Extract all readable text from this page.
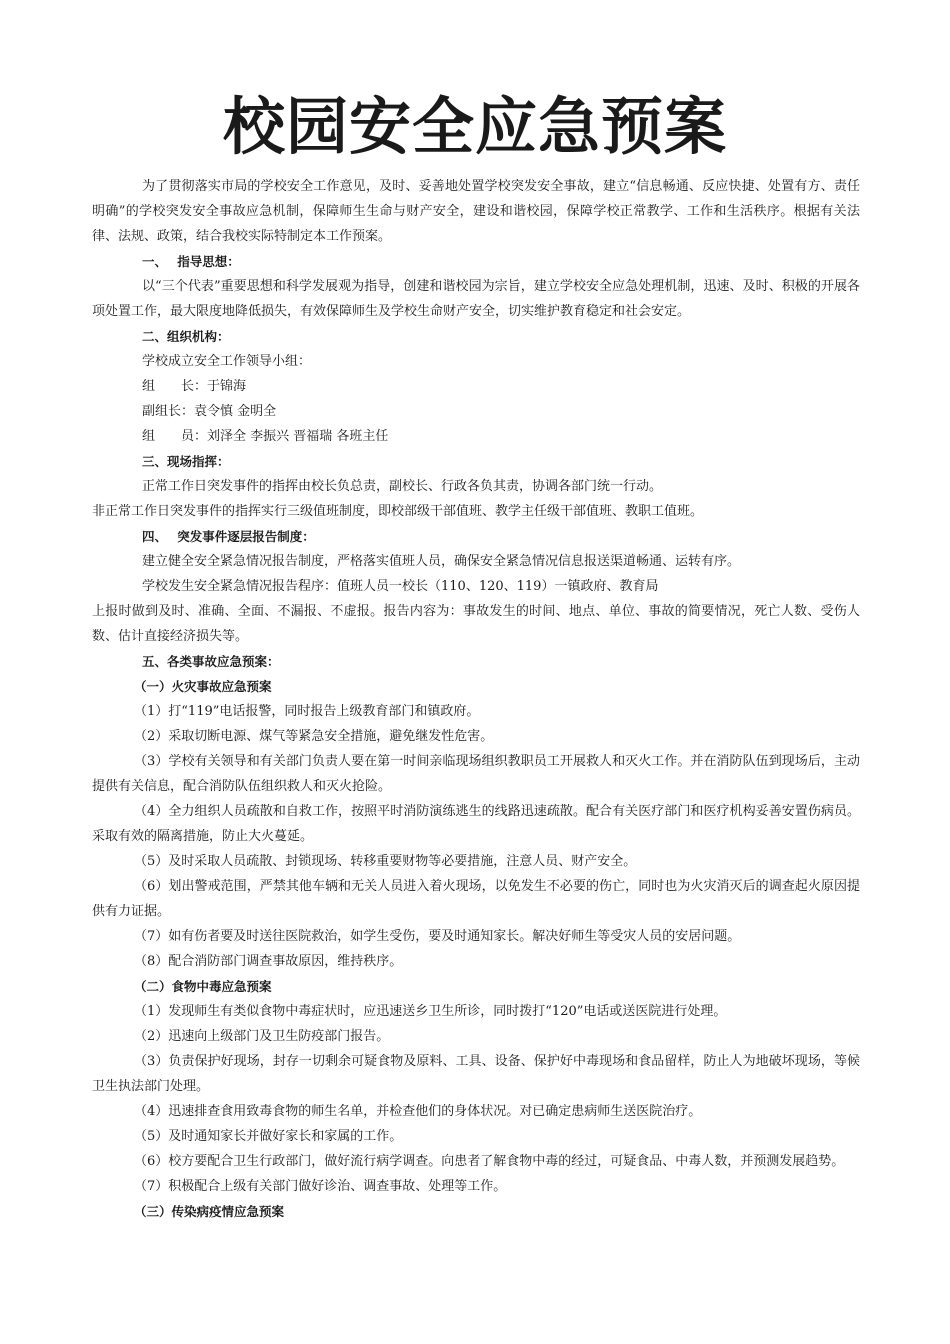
校园安全应急预案

为了贯彻落实市局的学校安全工作意见，及时、妥善地处置学校突发安全事故，建立“信息畅通、反应快捷、处置有方、责任明确”的学校突发安全事故应急机制，保障师生生命与财产安全，建设和谐校园，保障学校正常教学、工作和生活秩序。根据有关法律、法规、政策，结合我校实际特制定本工作预案。

一、　 指导思想：

以“三个代表”重要思想和科学发展观为指导，创建和谐校园为宗旨，建立学校安全应急处理机制，迅速、及时、积极的开展各项处置工作，最大限度地降低损失，有效保障师生及学校生命财产安全，切实维护教育稳定和社会安定。

二、组织机构：

学校成立安全工作领导小组：

组　　长：于锦海

副组长：袁令慎 金明全

组　　员：刘泽全 李振兴 晋福瑞 各班主任

三、现场指挥：

正常工作日突发事件的指挥由校长负总责，副校长、行政各负其责，协调各部门统一行动。

非正常工作日突发事件的指挥实行三级值班制度，即校部级干部值班、教学主任级干部值班、教职工值班。

四、　 突发事件逐层报告制度：

建立健全安全紧急情况报告制度，严格落实值班人员，确保安全紧急情况信息报送渠道畅通、运转有序。

学校发生安全紧急情况报告程序：值班人员一校长（110、120、119）一镇政府、教育局

上报时做到及时、准确、全面、不漏报、不虚报。报告内容为：事故发生的时间、地点、单位、事故的简要情况，死亡人数、受伤人数、估计直接经济损失等。

五、各类事故应急预案：

（一）火灾事故应急预案

（1）打“119”电话报警，同时报告上级教育部门和镇政府。

（2）采取切断电源、煤气等紧急安全措施，避免继发性危害。

（3）学校有关领导和有关部门负责人要在第一时间亲临现场组织教职员工开展救人和灭火工作。并在消防队伍到现场后，主动提供有关信息，配合消防队伍组织救人和灭火抢险。

（4）全力组织人员疏散和自救工作，按照平时消防演练逃生的线路迅速疏散。配合有关医疗部门和医疗机构妥善安置伤病员。采取有效的隔离措施，防止大火蔓延。

（5）及时采取人员疏散、封锁现场、转移重要财物等必要措施，注意人员、财产安全。

（6）划出警戒范围，严禁其他车辆和无关人员进入着火现场，以免发生不必要的伤亡，同时也为火灾消灭后的调查起火原因提供有力证据。

（7）如有伤者要及时送往医院救治，如学生受伤，要及时通知家长。解决好师生等受灾人员的安居问题。

（8）配合消防部门调查事故原因，维持秩序。

（二）食物中毒应急预案

（1）发现师生有类似食物中毒症状时，应迅速送乡卫生所诊，同时拨打“120”电话或送医院进行处理。

（2）迅速向上级部门及卫生防疫部门报告。

（3）负责保护好现场，封存一切剩余可疑食物及原料、工具、设备、保护好中毒现场和食品留样，防止人为地破坏现场，等候卫生执法部门处理。

（4）迅速排查食用致毒食物的师生名单，并检查他们的身体状况。对已确定患病师生送医院治疗。

（5）及时通知家长并做好家长和家属的工作。

（6）校方要配合卫生行政部门，做好流行病学调查。向患者了解食物中毒的经过，可疑食品、中毒人数，并预测发展趋势。

（7）积极配合上级有关部门做好诊治、调查事故、处理等工作。

（三）传染病疫情应急预案
